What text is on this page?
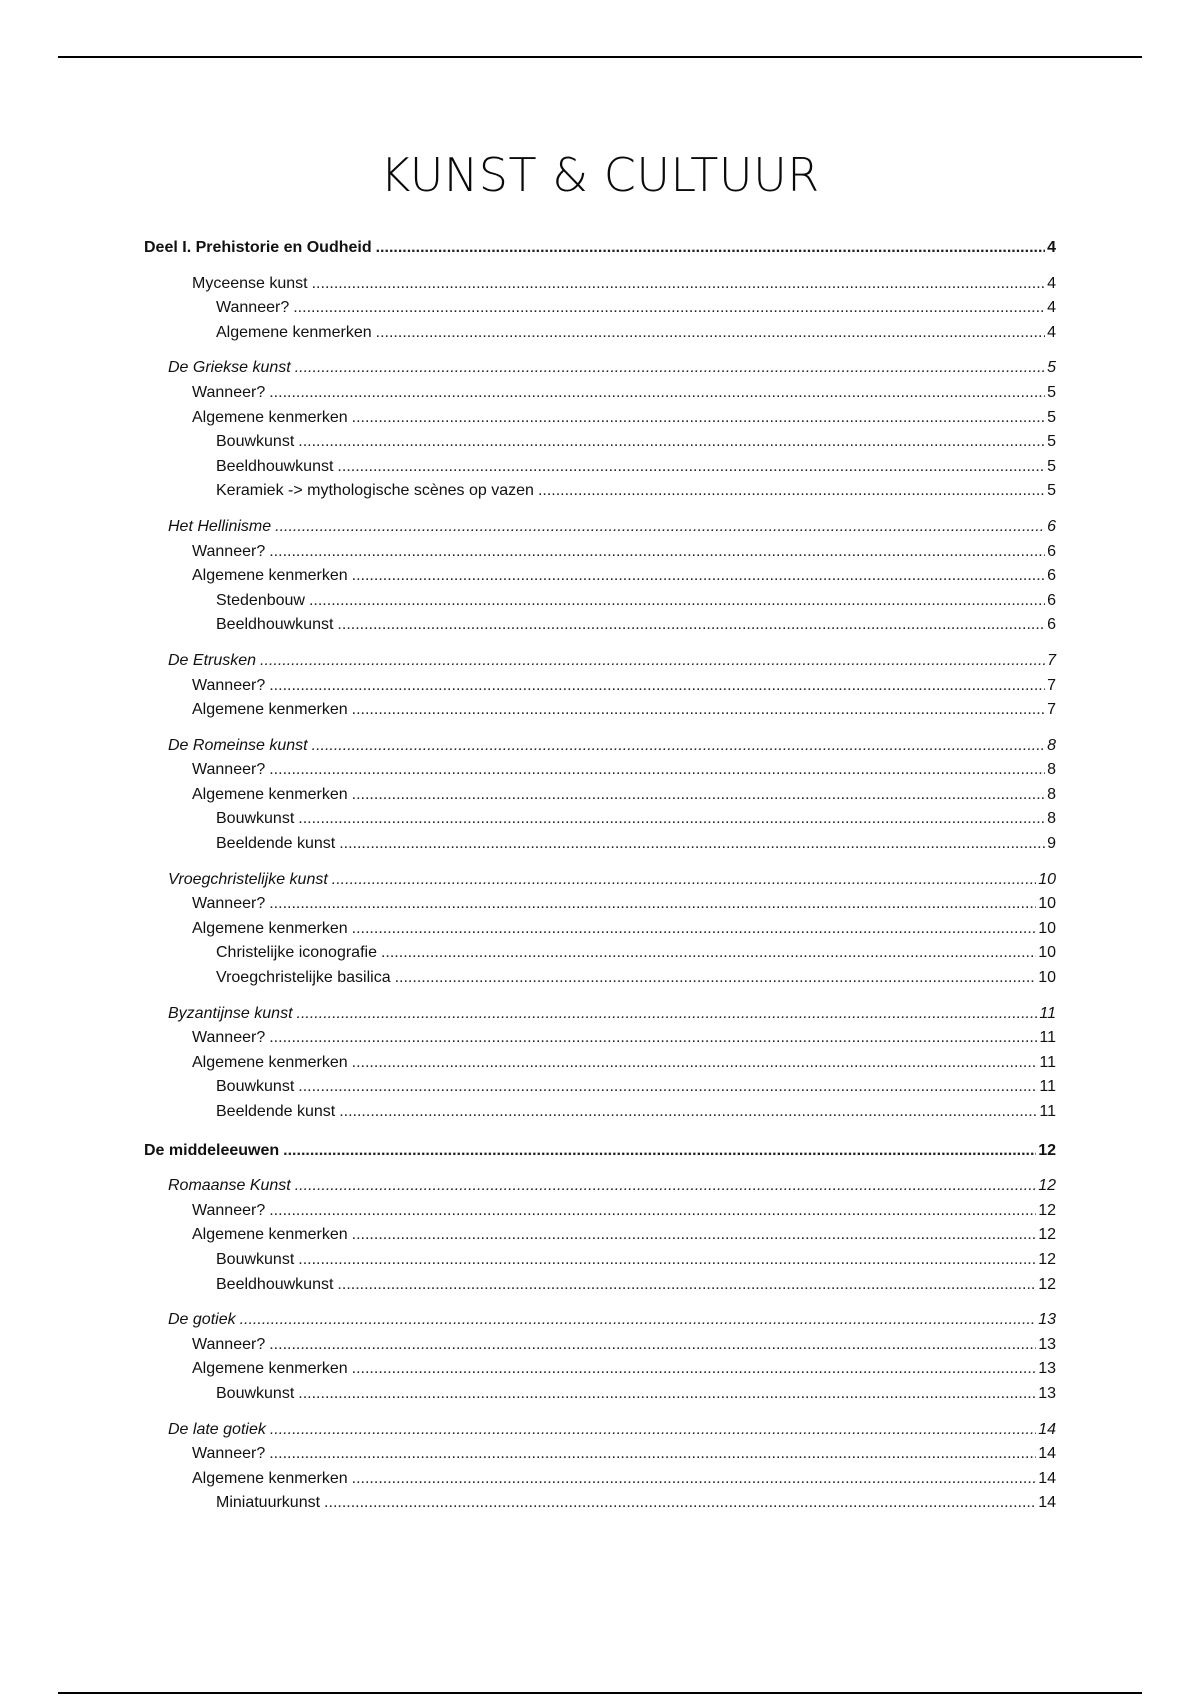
KUNST & CULTUUR
Deel I. Prehistorie en Oudheid .....	4
Myceense kunst .....	4
Wanneer? .....	4
Algemene kenmerken .....	4
De Griekse kunst .....	5
Wanneer? .....	5
Algemene kenmerken .....	5
Bouwkunst .....	5
Beeldhouwkunst .....	5
Keramiek -> mythologische scènes op vazen .....	5
Het Hellinisme .....	6
Wanneer? .....	6
Algemene kenmerken .....	6
Stedenbouw .....	6
Beeldhouwkunst .....	6
De Etrusken .....	7
Wanneer? .....	7
Algemene kenmerken .....	7
De Romeinse kunst .....	8
Wanneer? .....	8
Algemene kenmerken .....	8
Bouwkunst .....	8
Beeldende kunst .....	9
Vroegchristelijke kunst .....	10
Wanneer? .....	10
Algemene kenmerken .....	10
Christelijke iconografie .....	10
Vroegchristelijke basilica .....	10
Byzantijnse kunst .....	11
Wanneer? .....	11
Algemene kenmerken .....	11
Bouwkunst .....	11
Beeldende kunst .....	11
De middeleeuwen .....	12
Romaanse Kunst .....	12
Wanneer? .....	12
Algemene kenmerken .....	12
Bouwkunst .....	12
Beeldhouwkunst .....	12
De gotiek .....	13
Wanneer? .....	13
Algemene kenmerken .....	13
Bouwkunst .....	13
De late gotiek .....	14
Wanneer? .....	14
Algemene kenmerken .....	14
Miniatuurkunst .....	14
